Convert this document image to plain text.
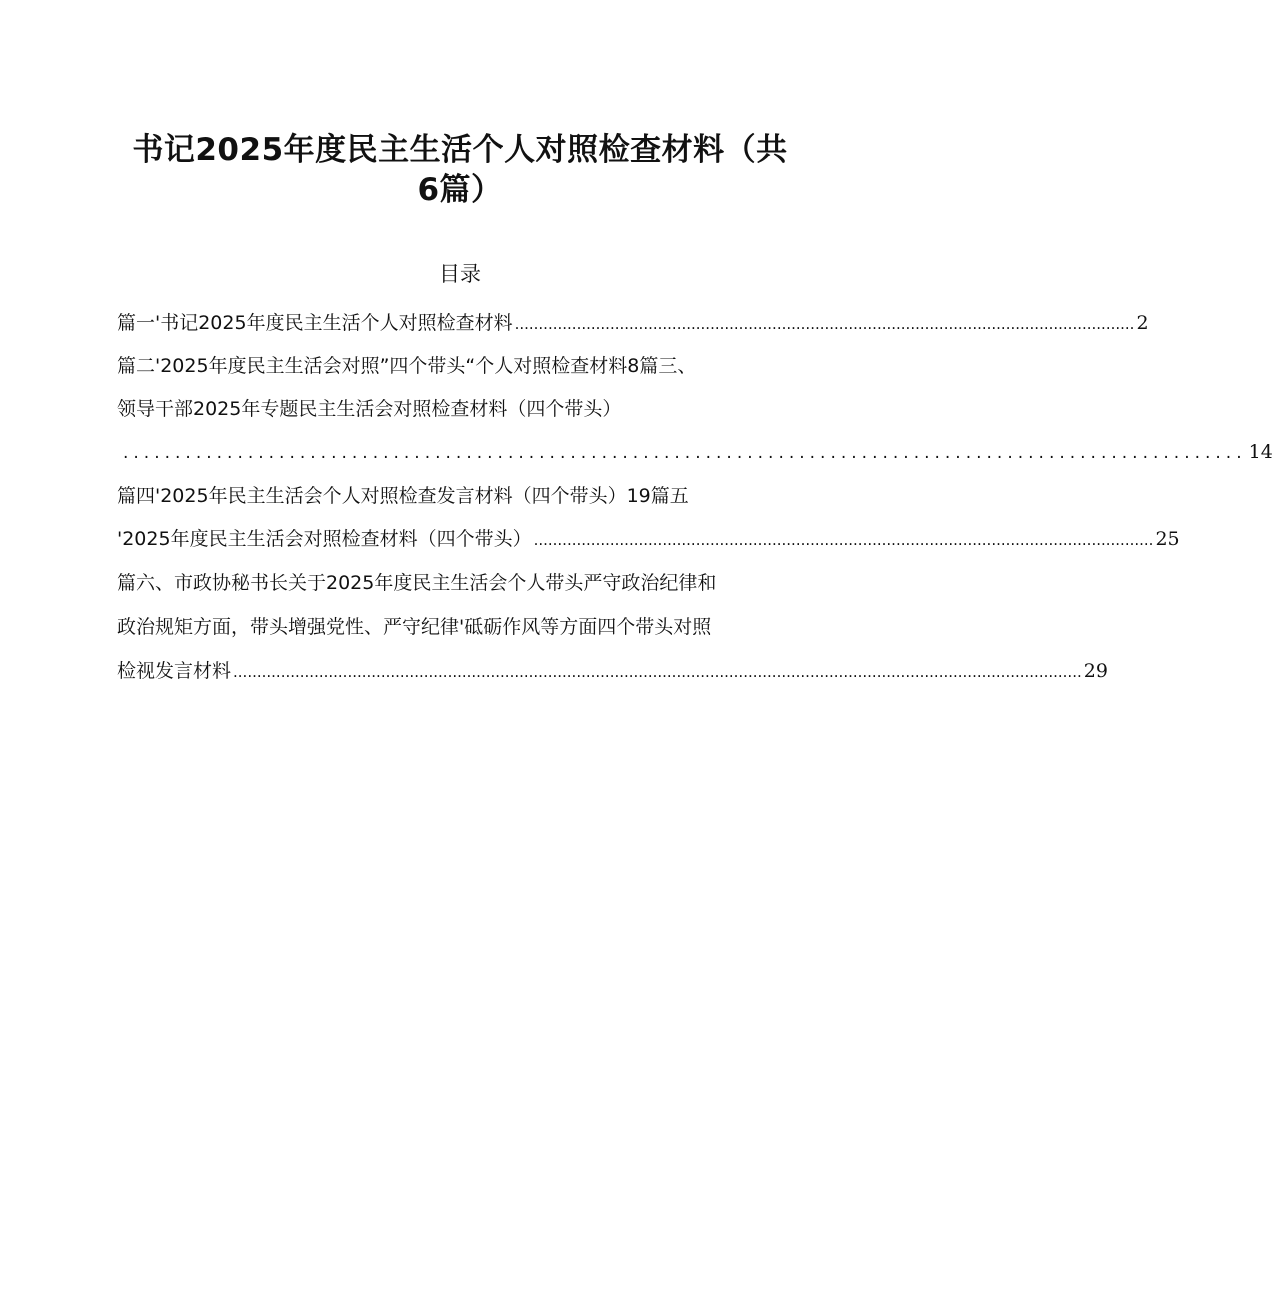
书记2025年度民主生活个人对照检查材料（共
6篇）
目录
篇一'书记2025年度民主生活个人对照检查材料 .................................................................................................................................. 2
篇二'2025年度民主生活会对照”四个带头“个人对照检查材料8篇三、
领导干部2025年专题民主生活会对照检查材料（四个带头）
............................................................................................................ 14
篇四'2025年民主生活会个人对照检查发言材料（四个带头）19篇五
'2025年度民主生活会对照检查材料（四个带头） .................................................................................................................................. 25
篇六、市政协秘书长关于2025年度民主生活会个人带头严守政治纪律和
政治规矩方面，带头增强党性、严守纪律'砥砺作风等方面四个带头对照
检视发言材料 .................................................................................................................................................................................. 29
